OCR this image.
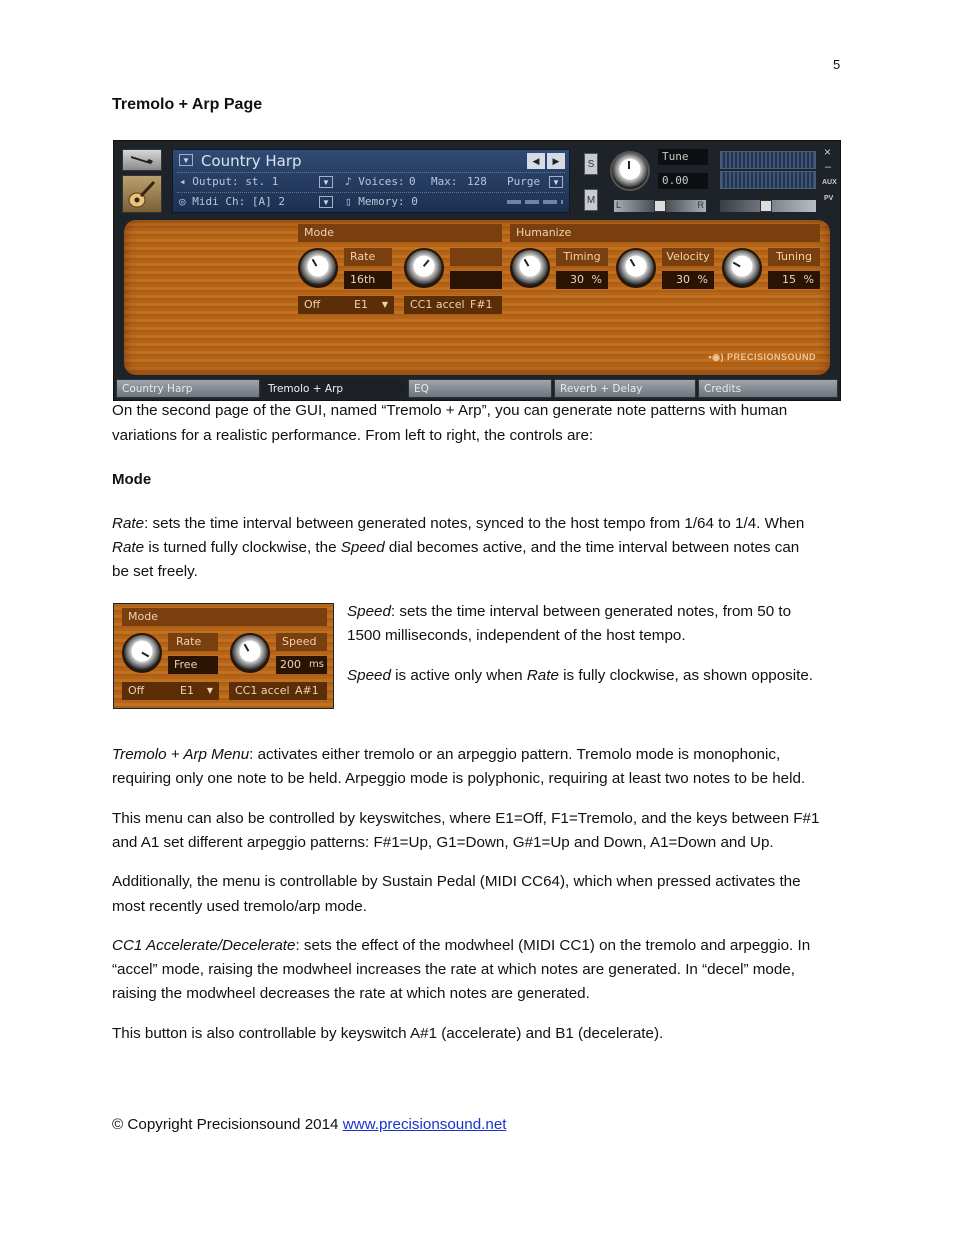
5
Tremolo + Arp Page
▼ Country Harp	◀	▶
◂ Output: st. 1	▼ ♪ Voices: 0 Max: 128 Purge	▼
◎ Midi Ch: [A] 2	▼ ▯ Memory: 0
S
M
Tune
0.00
L	R
×
–
AUX
PV
Mode	Humanize
Rate
16th
Timing
30 %
Velocity
30 %
Tuning
15 %
Off	E1 ▼	CC1 accel F#1
•◉) PRECISIONSOUND
Country Harp	Tremolo + Arp	EQ	Reverb + Delay	Credits
On the second page of the GUI, named “Tremolo + Arp”, you can generate note patterns with human
variations for a realistic performance. From left to right, the controls are:
Mode
Rate: sets the time interval between generated notes, synced to the host tempo from 1/64 to 1/4. When
Rate is turned fully clockwise, the Speed dial becomes active, and the time interval between notes can
be set freely.
Mode
Rate
Free
Speed
200 ms
Off	E1 ▼	CC1 accel A#1
Speed: sets the time interval between generated notes, from 50 to
1500 milliseconds, independent of the host tempo.
Speed is active only when Rate is fully clockwise, as shown opposite.
Tremolo + Arp Menu: activates either tremolo or an arpeggio pattern. Tremolo mode is monophonic,
requiring only one note to be held. Arpeggio mode is polyphonic, requiring at least two notes to be held.
This menu can also be controlled by keyswitches, where E1=Off, F1=Tremolo, and the keys between F#1
and A1 set different arpeggio patterns: F#1=Up, G1=Down, G#1=Up and Down, A1=Down and Up.
Additionally, the menu is controllable by Sustain Pedal (MIDI CC64), which when pressed activates the
most recently used tremolo/arp mode.
CC1 Accelerate/Decelerate: sets the effect of the modwheel (MIDI CC1) on the tremolo and arpeggio. In
“accel” mode, raising the modwheel increases the rate at which notes are generated. In “decel” mode,
raising the modwheel decreases the rate at which notes are generated.
This button is also controllable by keyswitch A#1 (accelerate) and B1 (decelerate).
© Copyright Precisionsound 2014 www.precisionsound.net
